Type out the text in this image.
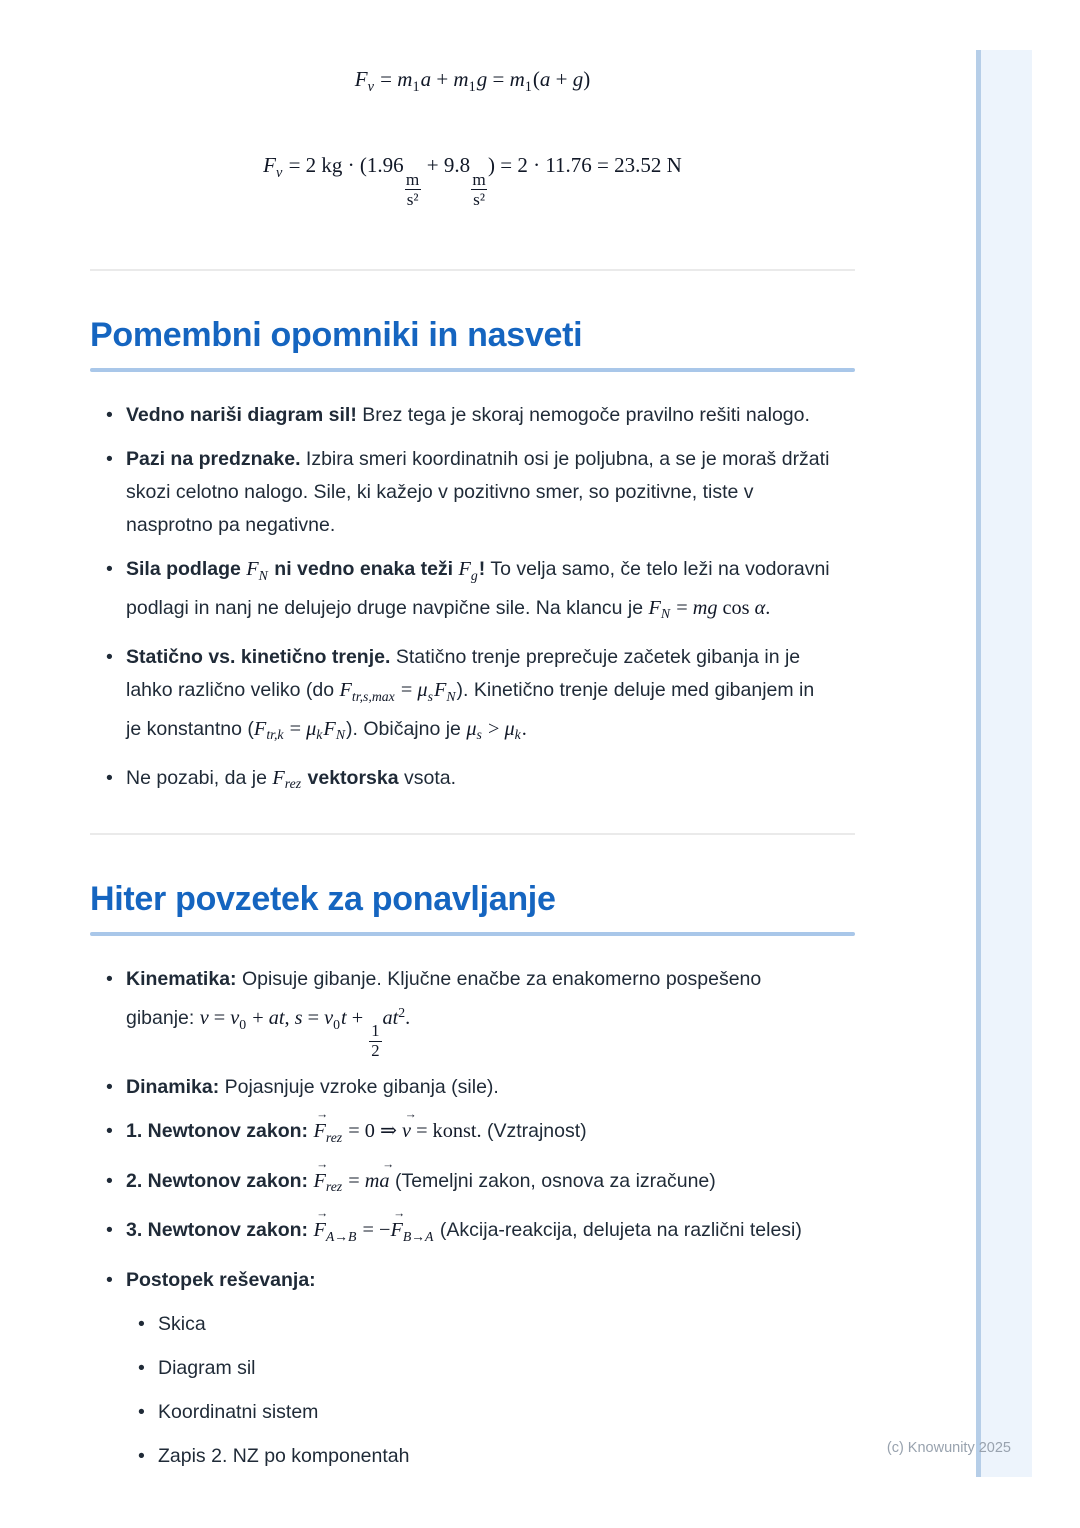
$F_v = m_1a + m_1g = m_1(a + g)$
$F_v = 2$ kg · (1.96
$\frac{m}{\text{s²}}$
+ 9.8
$\frac{m}{\text{s²}}$
) = 2 · 11.76 = 23.52 N
Pomembni opomniki in nasveti
• Vedno nariši diagram sil! Brez tega je skoraj nemogoče pravilno rešiti nalogo.
• Pazi na predznake. Izbira smeri koordinatnih osi je poljubna, a se je moraš držati skozi celotno nalogo. Sile, ki kažejo v pozitivno smer, so pozitivne, tiste v nasprotno pa negativne.
• Sila podlage $F_N$ ni vedno enaka teži $F_g$! To velja samo, če telo leži na vodoravni podlagi in nanj ne delujejo druge navpične sile. Na klancu je $F_N$ = mg cos α.
• Statično vs. kinetično trenje. Statično trenje preprečuje začetek gibanja in je lahko različno veliko (do $F_{tr,s,max} = \mu_sF_N$). Kinetično trenje deluje med gibanjem in je konstantno $(F_{tr,k} = \mu_kF_N)$. Običajno je $\mu_s > \mu_k$.
• Ne pozabi, da je $F_{rez}$ vektorska vsota.
Hiter povzetek za ponavljanje
• Kinematika: Opisuje gibanje. Ključne enačbe za enakomerno pospešeno gibanje: $v = v_0$ + at, $s = v_0t$ +
$\frac{1}{2}$
$at^2$.
• Dinamika: Pojasnjuje vzroke gibanja (sile).
• 1. Newtonov zakon:
→
$F_{rez} = 0$ ⇒
→
v = konst. (Vztrajnost)
• 2. Newtonov zakon:
→
$F_{rez} = m$
→
a (Temeljni zakon, osnova za izračune)
• 3. Newtonov zakon:
→
$F_{A\to B}$ = −
→
$F_{B\to A}$ (Akcija-reakcija, delujeta na različni telesi)
• Postopek reševanja:
• Skica
• Diagram sil
• Koordinatni sistem
• Zapis 2. NZ po komponentah	(c) Knowunity 2025
